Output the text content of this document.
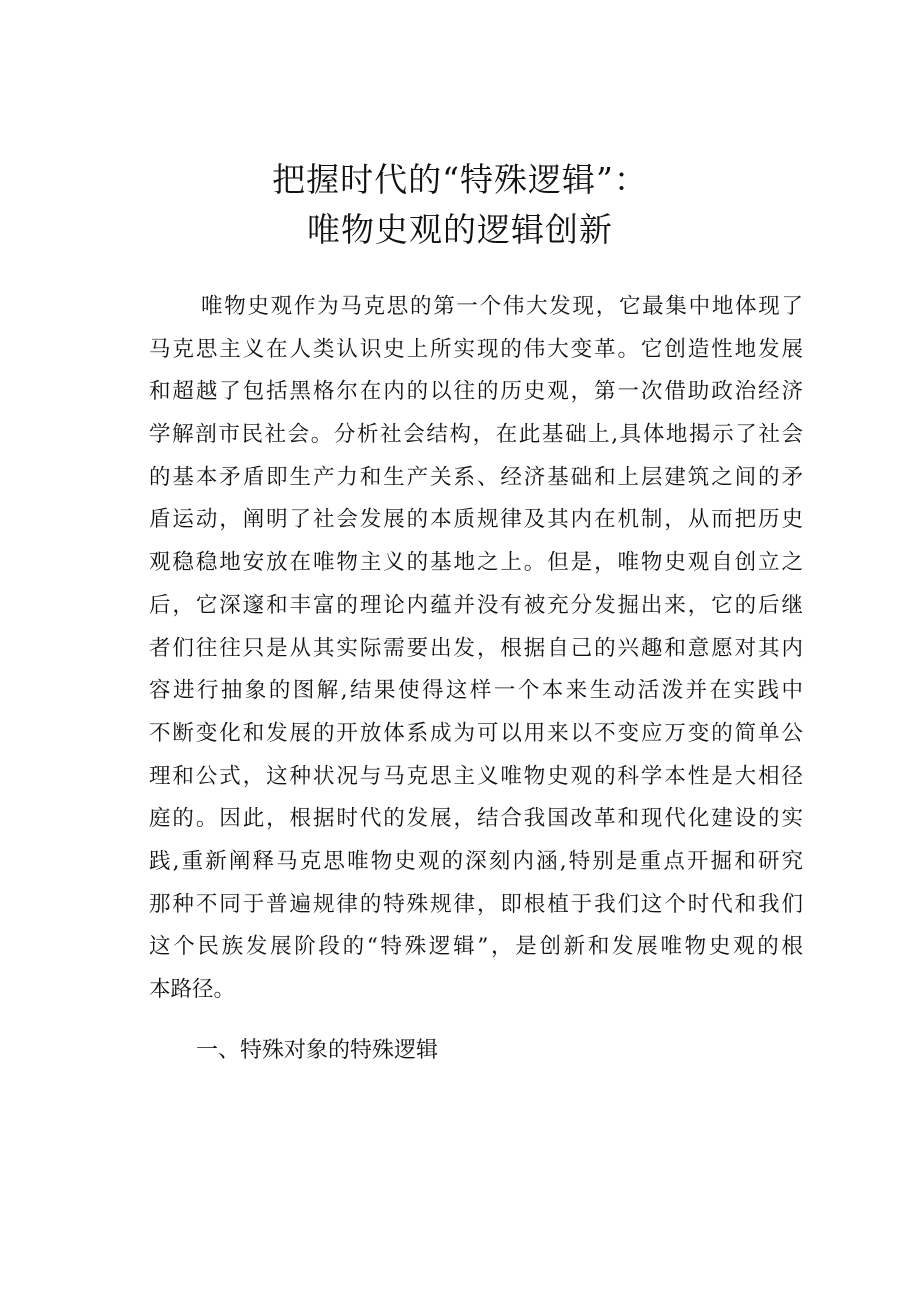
把握时代的“特殊逻辑”：
唯物史观的逻辑创新
唯物史观作为马克思的第一个伟大发现，它最集中地体现了
马克思主义在人类认识史上所实现的伟大变革。它创造性地发展
和超越了包括黑格尔在内的以往的历史观，第一次借助政治经济
学解剖市民社会。分析社会结构，在此基础上,具体地揭示了社会
的基本矛盾即生产力和生产关系、经济基础和上层建筑之间的矛
盾运动，阐明了社会发展的本质规律及其内在机制，从而把历史
观稳稳地安放在唯物主义的基地之上。但是，唯物史观自创立之
后，它深邃和丰富的理论内蕴并没有被充分发掘出来，它的后继
者们往往只是从其实际需要出发，根据自己的兴趣和意愿对其内
容进行抽象的图解,结果使得这样一个本来生动活泼并在实践中
不断变化和发展的开放体系成为可以用来以不变应万变的简单公
理和公式，这种状况与马克思主义唯物史观的科学本性是大相径
庭的。因此，根据时代的发展，结合我国改革和现代化建设的实
践,重新阐释马克思唯物史观的深刻内涵,特别是重点开掘和研究
那种不同于普遍规律的特殊规律，即根植于我们这个时代和我们
这个民族发展阶段的“特殊逻辑”，是创新和发展唯物史观的根
本路径。
一、特殊对象的特殊逻辑
